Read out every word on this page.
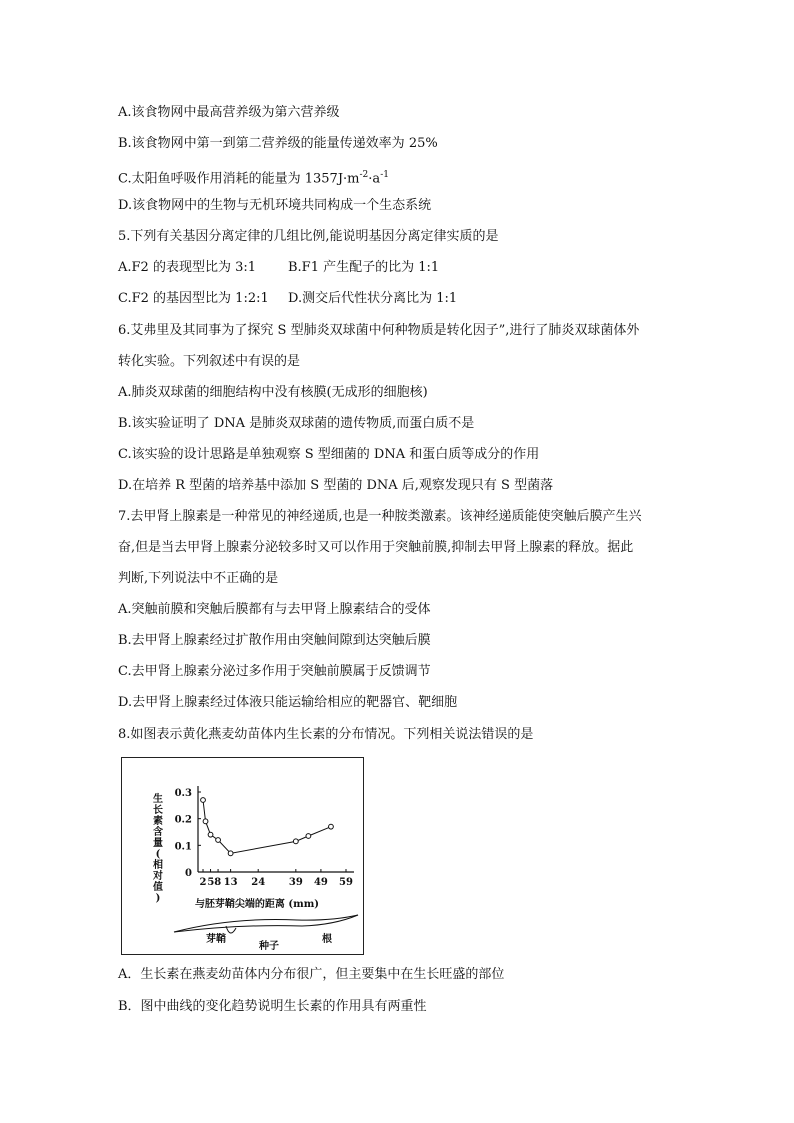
A.该食物网中最高营养级为第六营养级
B.该食物网中第一到第二营养级的能量传递效率为 25%
C.太阳鱼呼吸作用消耗的能量为 $1357J\cdot m^{-2}\cdot a^{-1}$
D.该食物网中的生物与无机环境共同构成一个生态系统
5.下列有关基因分离定律的几组比例,能说明基因分离定律实质的是
A.F2 的表现型比为 3:1 B.F1 产生配子的比为 1:1
C.F2 的基因型比为 1:2:1 D.测交后代性状分离比为 1:1
6.艾弗里及其同事为了探究 S 型肺炎双球菌中何种物质是转化因子”,进行了肺炎双球菌体外
转化实验。下列叙述中有误的是
A.肺炎双球菌的细胞结构中没有核膜(无成形的细胞核)
B.该实验证明了 DNA 是肺炎双球菌的遗传物质,而蛋白质不是
C.该实验的设计思路是单独观察 S 型细菌的 DNA 和蛋白质等成分的作用
D.在培养 R 型菌的培养基中添加 S 型菌的 DNA 后,观察发现只有 S 型菌落
7.去甲肾上腺素是一种常见的神经递质,也是一种胺类激素。该神经递质能使突触后膜产生兴
奋,但是当去甲肾上腺素分泌较多时又可以作用于突触前膜,抑制去甲肾上腺素的释放。据此
判断,下列说法中不正确的是
A.突触前膜和突触后膜都有与去甲肾上腺素结合的受体
B.去甲肾上腺素经过扩散作用由突触间隙到达突触后膜
C.去甲肾上腺素分泌过多作用于突触前膜属于反馈调节
D.去甲肾上腺素经过体液只能运输给相应的靶器官、靶细胞
8.如图表示黄化燕麦幼苗体内生长素的分布情况。下列相关说法错误的是
生
长
素
含
量
(
相
对
值
)
0
0.1
0.2
0.3
2 58 13 24 39 49 59
与胚芽鞘尖端的距离 (mm)
芽鞘
种子
根
A．生长素在燕麦幼苗体内分布很广，但主要集中在生长旺盛的部位
B．图中曲线的变化趋势说明生长素的作用具有两重性
